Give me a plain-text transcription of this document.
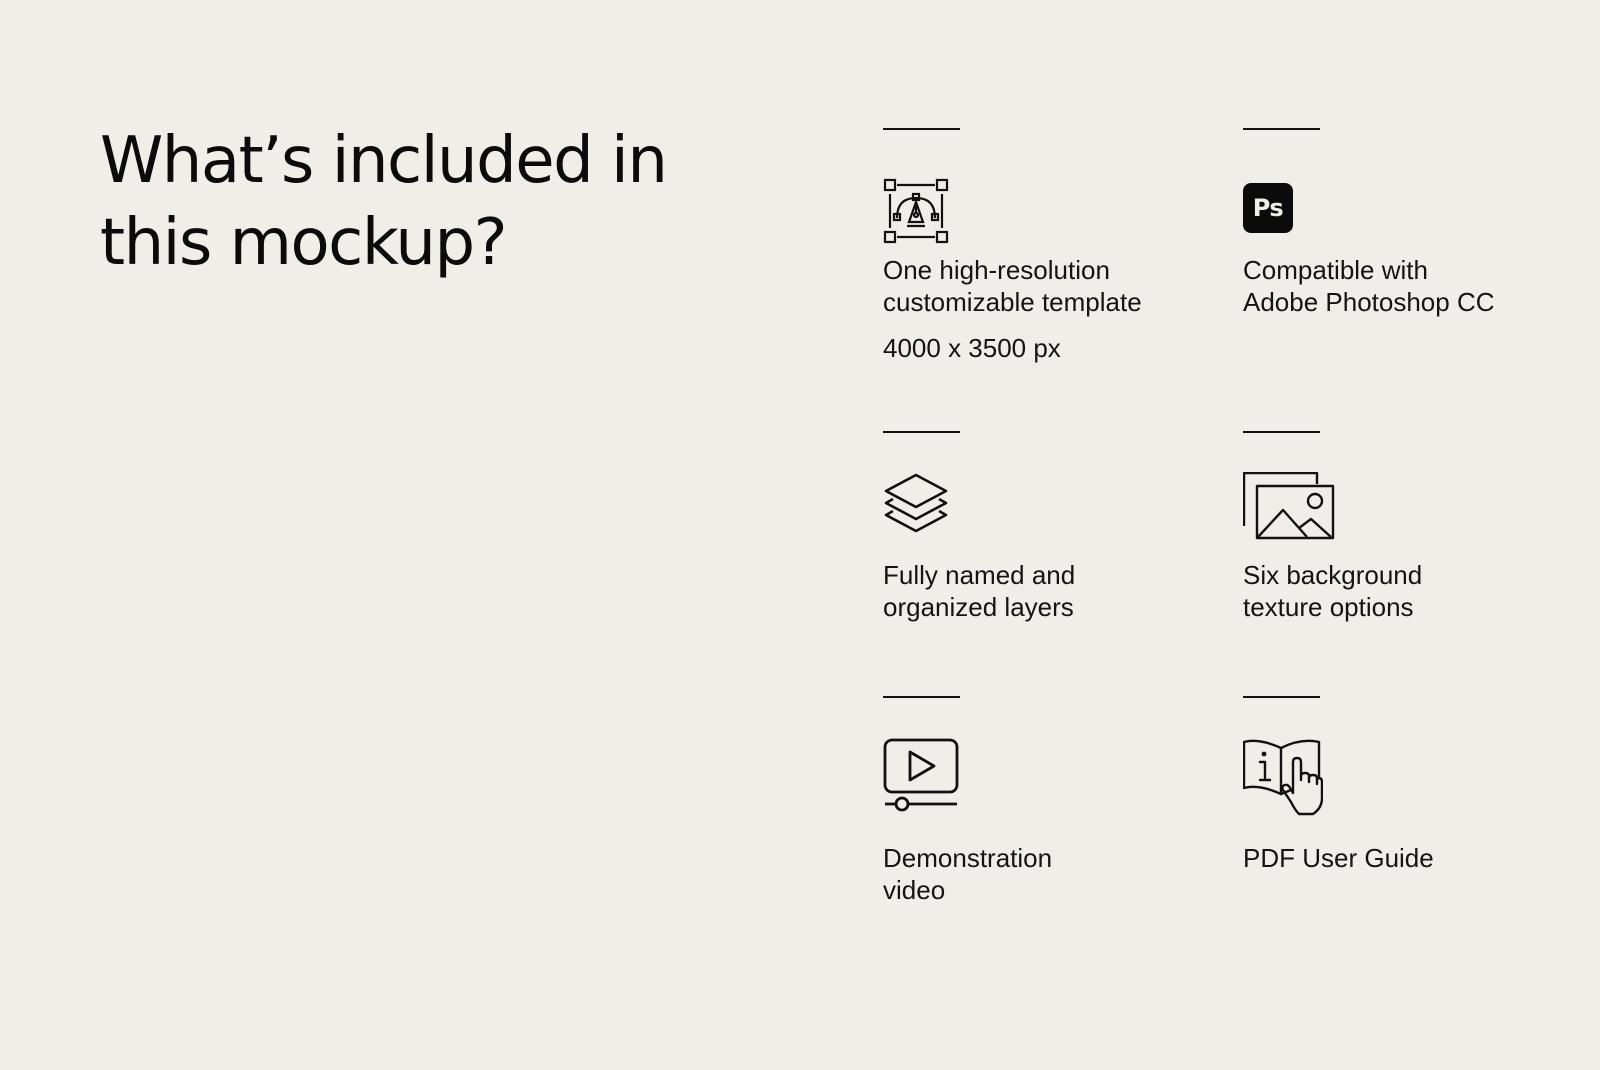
What’s included in
this mockup?	One high-resolution
customizable template
4000 x 3500 px
Ps
Compatible with
Adobe Photoshop CC
Fully named and
organized layers
Six background
texture options
Demonstration
video
PDF User Guide
